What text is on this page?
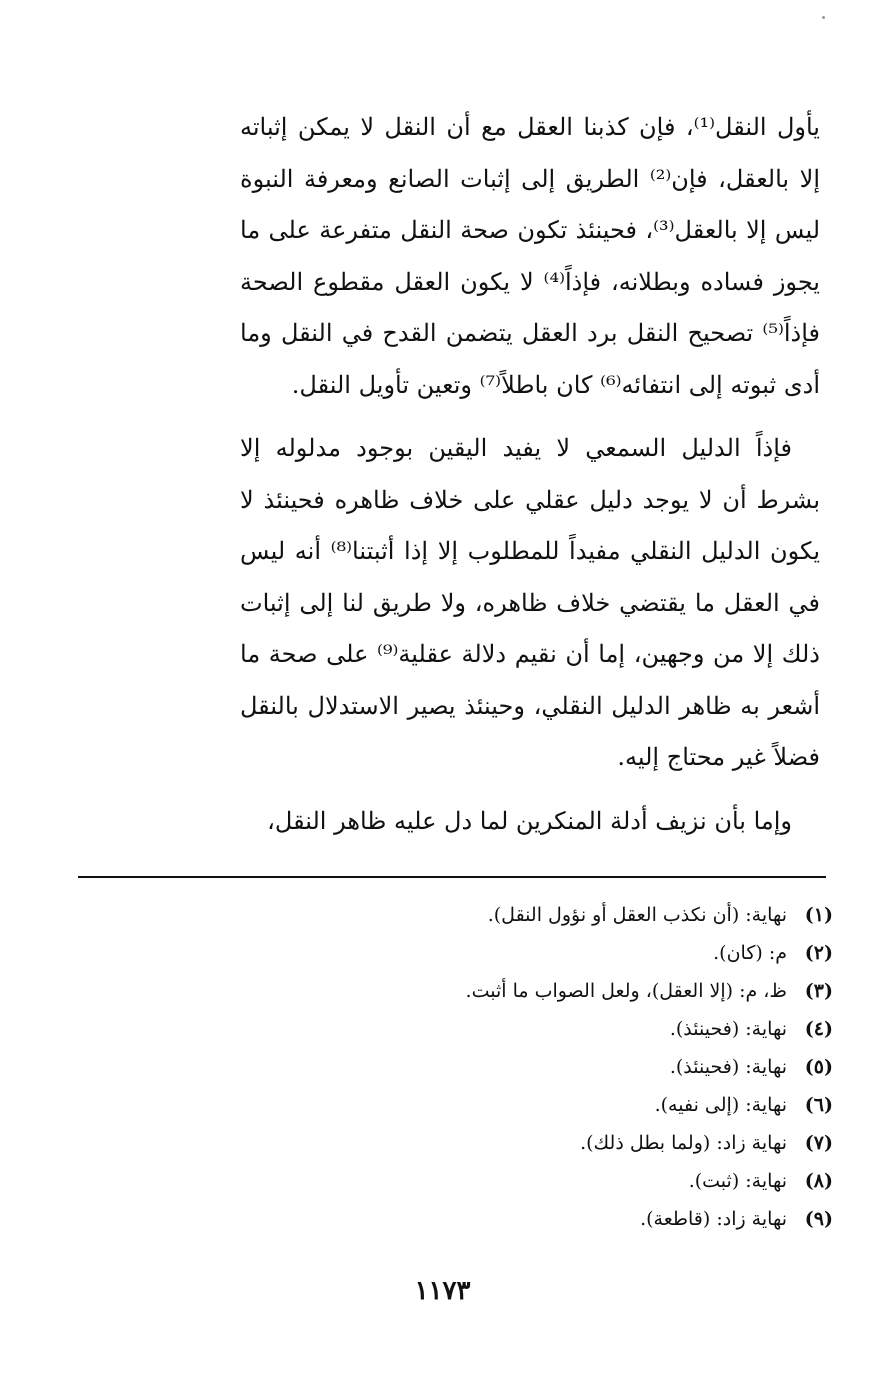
يأول النقل⁽¹⁾، فإن كذبنا العقل مع أن النقل لا يمكن إثباته إلا بالعقل، فإن⁽²⁾ الطريق إلى إثبات الصانع ومعرفة النبوة ليس إلا بالعقل⁽³⁾، فحينئذ تكون صحة النقل متفرعة على ما يجوز فساده وبطلانه، فإذاً⁽⁴⁾ لا يكون العقل مقطوع الصحة فإذاً⁽⁵⁾ تصحيح النقل برد العقل يتضمن القدح في النقل وما أدى ثبوته إلى انتفائه⁽⁶⁾ كان باطلاً⁽⁷⁾ وتعين تأويل النقل.

فإذاً الدليل السمعي لا يفيد اليقين بوجود مدلوله إلا بشرط أن لا يوجد دليل عقلي على خلاف ظاهره فحينئذ لا يكون الدليل النقلي مفيداً للمطلوب إلا إذا أثبتنا⁽⁸⁾ أنه ليس في العقل ما يقتضي خلاف ظاهره، ولا طريق لنا إلى إثبات ذلك إلا من وجهين، إما أن نقيم دلالة عقلية⁽⁹⁾ على صحة ما أشعر به ظاهر الدليل النقلي، وحينئذ يصير الاستدلال بالنقل فضلاً غير محتاج إليه.

وإما بأن نزيف أدلة المنكرين لما دل عليه ظاهر النقل،

(١)
نهاية: (أن نكذب العقل أو نؤول النقل).
(٢)
م: (كان).
(٣)
ظ، م: (إلا العقل)، ولعل الصواب ما أثبت.
(٤)
نهاية: (فحينئذ).
(٥)
نهاية: (فحينئذ).
(٦)
نهاية: (إلى نفيه).
(٧)
نهاية زاد: (ولما بطل ذلك).
(٨)
نهاية: (ثبت).
(٩)
نهاية زاد: (قاطعة).
١١٧٣
